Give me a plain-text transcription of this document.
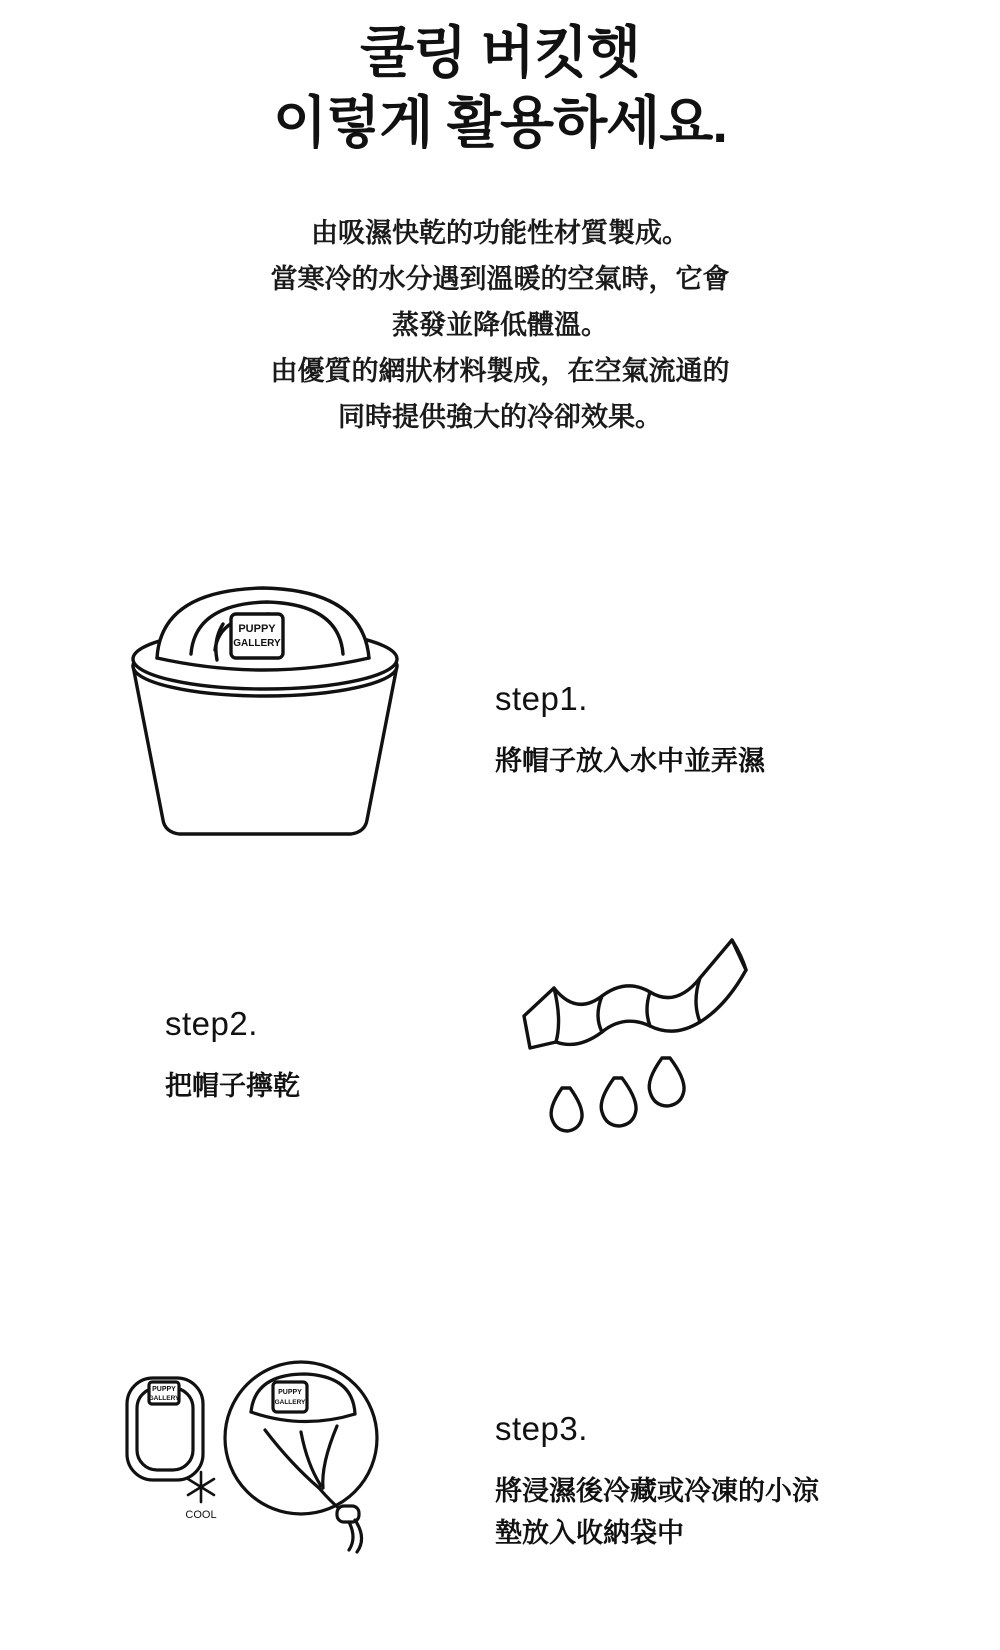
쿨링 버킷햇
이렇게 활용하세요.
由吸濕快乾的功能性材質製成。
當寒冷的水分遇到溫暖的空氣時，它會
蒸發並降低體溫。
由優質的網狀材料製成，在空氣流通的
同時提供強大的冷卻效果。
PUPPY
GALLERY
step1.
將帽子放入水中並弄濕
step2.
把帽子擰乾
PUPPY
GALLERY
COOL
PUPPY
GALLERY
step3.
將浸濕後冷藏或冷凍的小涼
墊放入收納袋中
